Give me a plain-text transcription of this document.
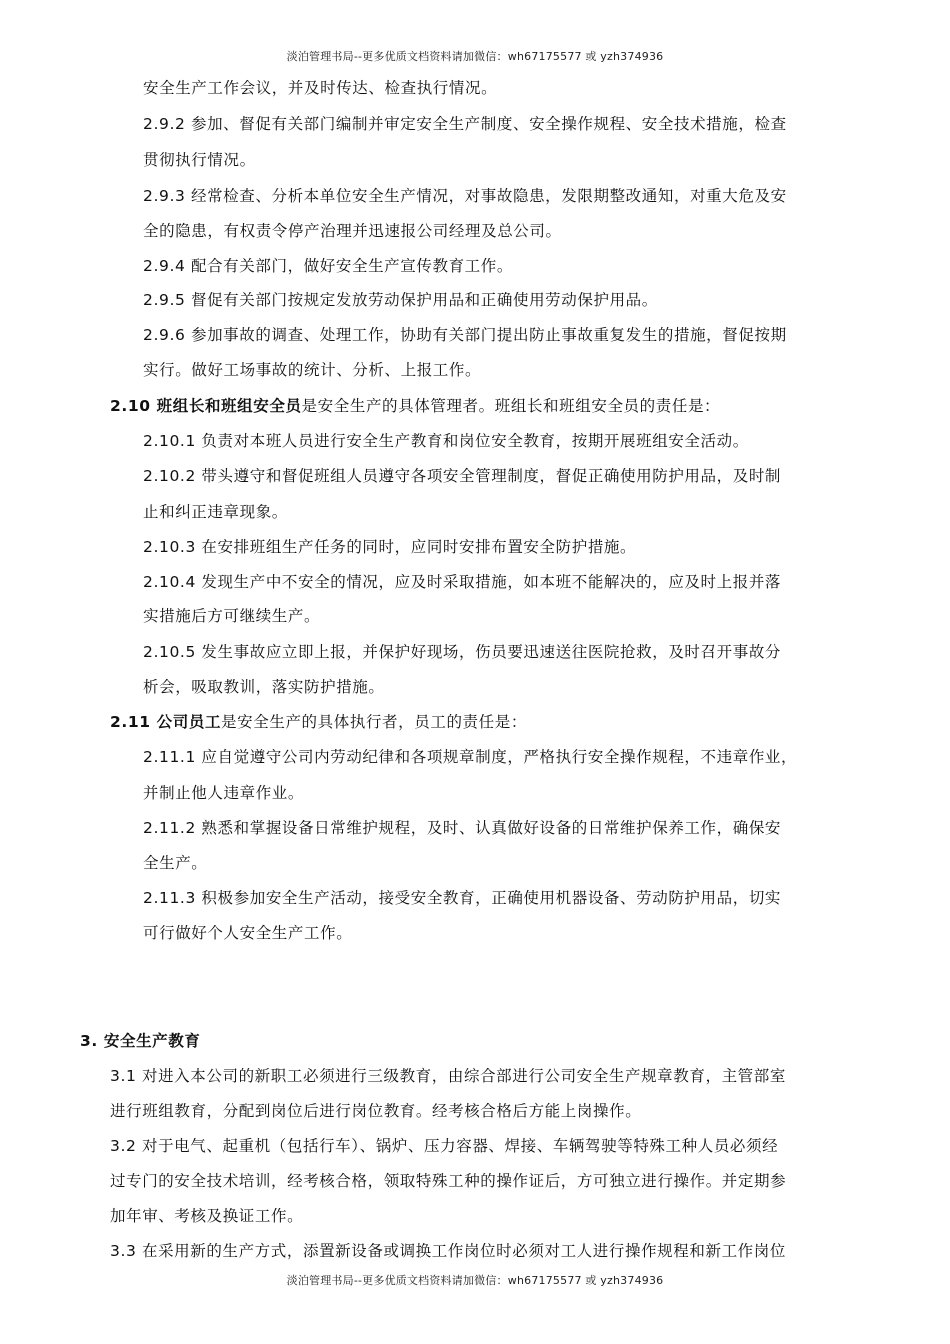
淡泊管理书局--更多优质文档资料请加微信：wh67175577 或 yzh374936
安全生产工作会议，并及时传达、检查执行情况。
2.9.2 参加、督促有关部门编制并审定安全生产制度、安全操作规程、安全技术措施，检查
贯彻执行情况。
2.9.3 经常检查、分析本单位安全生产情况，对事故隐患，发限期整改通知，对重大危及安
全的隐患，有权责令停产治理并迅速报公司经理及总公司。
2.9.4 配合有关部门，做好安全生产宣传教育工作。
2.9.5 督促有关部门按规定发放劳动保护用品和正确使用劳动保护用品。
2.9.6 参加事故的调查、处理工作，协助有关部门提出防止事故重复发生的措施，督促按期
实行。做好工场事故的统计、分析、上报工作。
2.10 班组长和班组安全员是安全生产的具体管理者。班组长和班组安全员的责任是：
2.10.1 负责对本班人员进行安全生产教育和岗位安全教育，按期开展班组安全活动。
2.10.2 带头遵守和督促班组人员遵守各项安全管理制度，督促正确使用防护用品，及时制
止和纠正违章现象。
2.10.3 在安排班组生产任务的同时，应同时安排布置安全防护措施。
2.10.4 发现生产中不安全的情况，应及时采取措施，如本班不能解决的，应及时上报并落
实措施后方可继续生产。
2.10.5 发生事故应立即上报，并保护好现场，伤员要迅速送往医院抢救，及时召开事故分
析会，吸取教训，落实防护措施。
2.11 公司员工是安全生产的具体执行者，员工的责任是：
2.11.1 应自觉遵守公司内劳动纪律和各项规章制度，严格执行安全操作规程，不违章作业，
并制止他人违章作业。
2.11.2 熟悉和掌握设备日常维护规程，及时、认真做好设备的日常维护保养工作，确保安
全生产。
2.11.3 积极参加安全生产活动，接受安全教育，正确使用机器设备、劳动防护用品，切实
可行做好个人安全生产工作。
3. 安全生产教育
3.1 对进入本公司的新职工必须进行三级教育，由综合部进行公司安全生产规章教育，主管部室
进行班组教育，分配到岗位后进行岗位教育。经考核合格后方能上岗操作。
3.2 对于电气、起重机（包括行车）、锅炉、压力容器、焊接、车辆驾驶等特殊工种人员必须经
过专门的安全技术培训，经考核合格，领取特殊工种的操作证后，方可独立进行操作。并定期参
加年审、考核及换证工作。
3.3 在采用新的生产方式，添置新设备或调换工作岗位时必须对工人进行操作规程和新工作岗位
淡泊管理书局--更多优质文档资料请加微信：wh67175577 或 yzh374936
